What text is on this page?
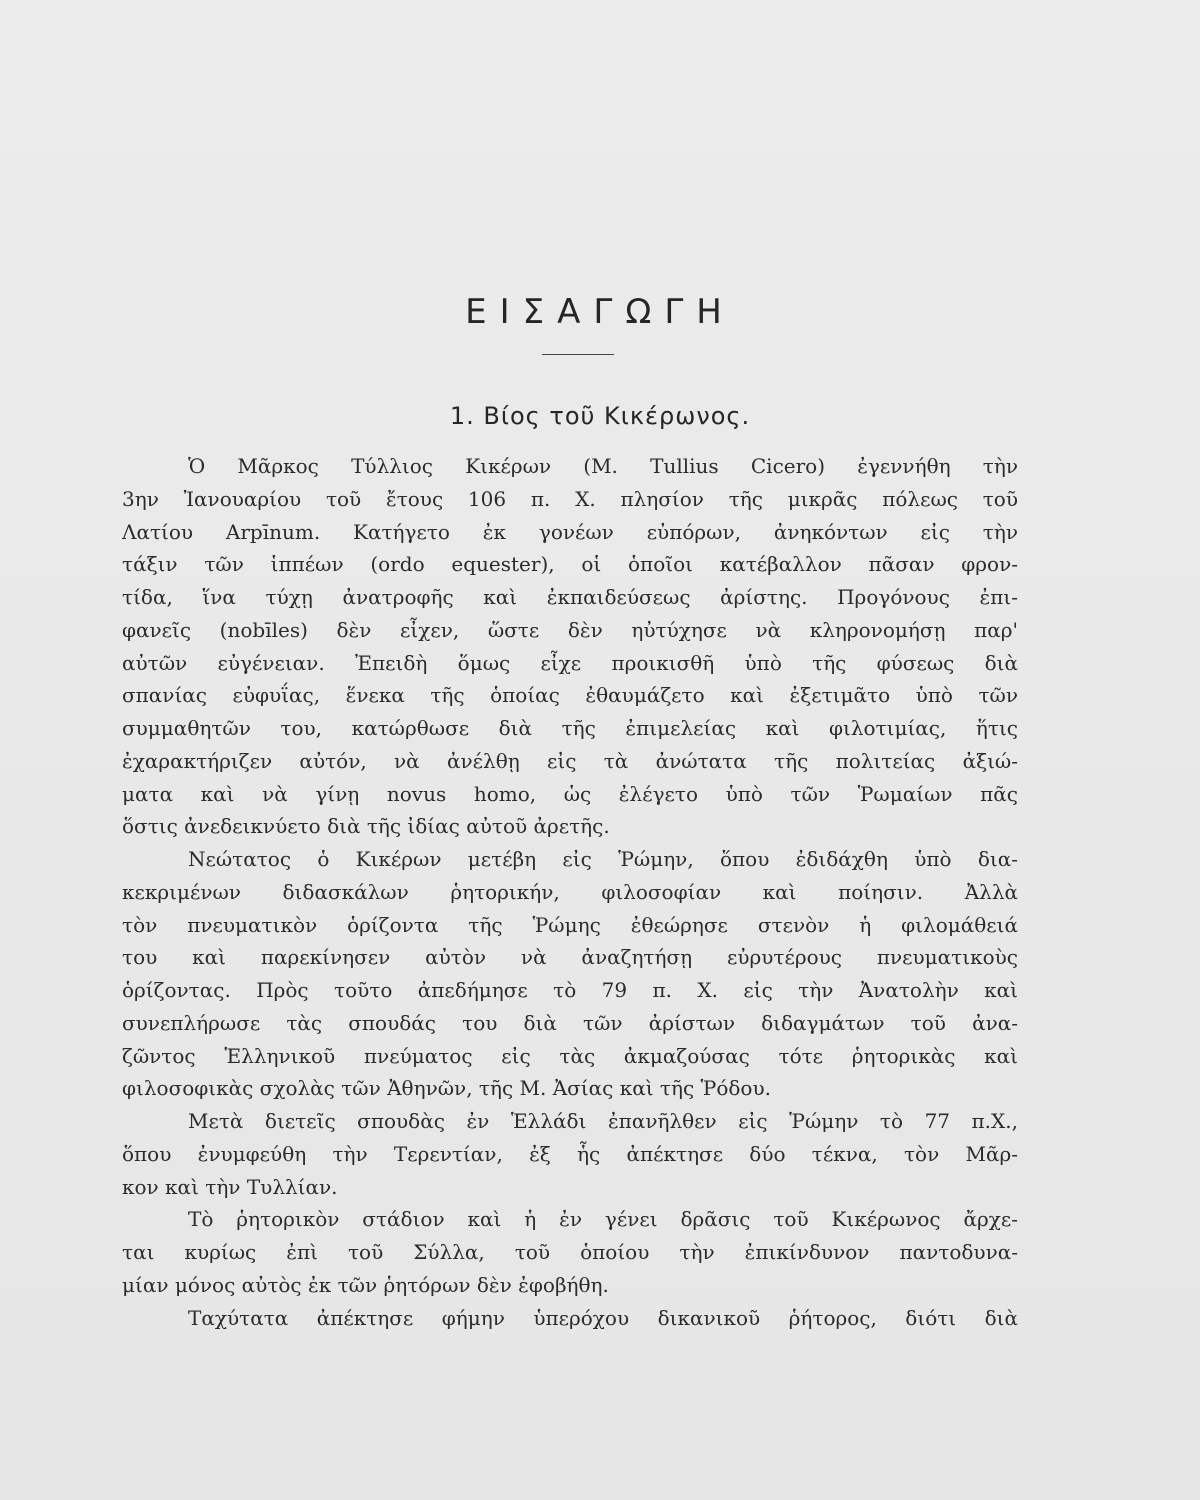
ΕΙΣΑΓΩΓΗ
1. Βίος τοῦ Κικέρωνος.
Ὁ Μᾶρκος Τύλλιος Κικέρων (M. Tullius Cicero) ἐγεννήθη τὴν
3ην Ἰανουαρίου τοῦ ἔτους 106 π. Χ. πλησίον τῆς μικρᾶς πόλεως τοῦ
Λατίου Arpīnum. Κατήγετο ἐκ γονέων εὐπόρων, ἀνηκόντων εἰς τὴν
τάξιν τῶν ἱππέων (ordo equester), οἱ ὁποῖοι κατέβαλλον πᾶσαν φρον-
τίδα, ἵνα τύχῃ ἀνατροφῆς καὶ ἐκπαιδεύσεως ἀρίστης. Προγόνους ἐπι-
φανεῖς (nobīles) δὲν εἶχεν, ὥστε δὲν ηὐτύχησε νὰ κληρονομήσῃ παρ'
αὐτῶν εὐγένειαν. Ἐπειδὴ ὅμως εἶχε προικισθῆ ὑπὸ τῆς φύσεως διὰ
σπανίας εὐφυΐας, ἕνεκα τῆς ὁποίας ἐθαυμάζετο καὶ ἐξετιμᾶτο ὑπὸ τῶν
συμμαθητῶν του, κατώρθωσε διὰ τῆς ἐπιμελείας καὶ φιλοτιμίας, ἥτις
ἐχαρακτήριζεν αὐτόν, νὰ ἀνέλθῃ εἰς τὰ ἀνώτατα τῆς πολιτείας ἀξιώ-
ματα καὶ νὰ γίνῃ novus homo, ὡς ἐλέγετο ὑπὸ τῶν Ῥωμαίων πᾶς
ὅστις ἀνεδεικνύετο διὰ τῆς ἰδίας αὐτοῦ ἀρετῆς.
Νεώτατος ὁ Κικέρων μετέβη εἰς Ῥώμην, ὅπου ἐδιδάχθη ὑπὸ δια-
κεκριμένων διδασκάλων ῥητορικήν, φιλοσοφίαν καὶ ποίησιν. Ἀλλὰ
τὸν πνευματικὸν ὁρίζοντα τῆς Ῥώμης ἐθεώρησε στενὸν ἡ φιλομάθειά
του καὶ παρεκίνησεν αὐτὸν νὰ ἀναζητήσῃ εὐρυτέρους πνευματικοὺς
ὁρίζοντας. Πρὸς τοῦτο ἀπεδήμησε τὸ 79 π. Χ. εἰς τὴν Ἀνατολὴν καὶ
συνεπλήρωσε τὰς σπουδάς του διὰ τῶν ἀρίστων διδαγμάτων τοῦ ἀνα-
ζῶντος Ἑλληνικοῦ πνεύματος εἰς τὰς ἀκμαζούσας τότε ῥητορικὰς καὶ
φιλοσοφικὰς σχολὰς τῶν Ἀθηνῶν, τῆς Μ. Ἀσίας καὶ τῆς Ῥόδου.
Μετὰ διετεῖς σπουδὰς ἐν Ἑλλάδι ἐπανῆλθεν εἰς Ῥώμην τὸ 77 π.Χ.,
ὅπου ἐνυμφεύθη τὴν Τερεντίαν, ἐξ ἧς ἀπέκτησε δύο τέκνα, τὸν Μᾶρ-
κον καὶ τὴν Τυλλίαν.
Τὸ ῥητορικὸν στάδιον καὶ ἡ ἐν γένει δρᾶσις τοῦ Κικέρωνος ἄρχε-
ται κυρίως ἐπὶ τοῦ Σύλλα, τοῦ ὁποίου τὴν ἐπικίνδυνον παντοδυνα-
μίαν μόνος αὐτὸς ἐκ τῶν ῥητόρων δὲν ἐφοβήθη.
Ταχύτατα ἀπέκτησε φήμην ὑπερόχου δικανικοῦ ῥήτορος, διότι διὰ
